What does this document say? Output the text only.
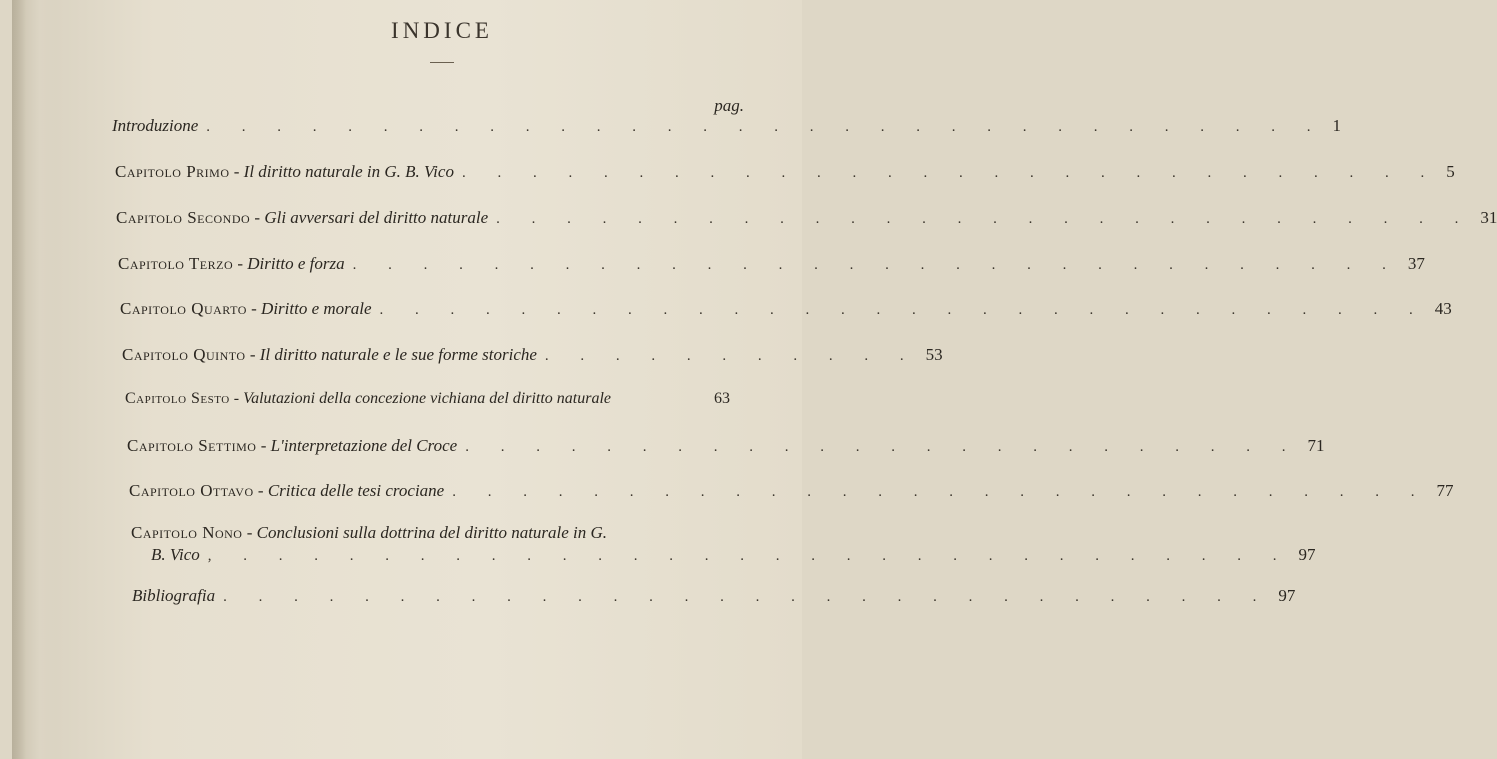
INDICE
pag.
Introduzione . . . . . . . . . . . . . . . . . . . . . . . . . . . . . . . . 1
Capitolo Primo - Il diritto naturale in G. B. Vico . . . . . . . . . . . . . . . . . . . . . . . . . . . . 5
Capitolo Secondo - Gli avversari del diritto naturale . . . . . . . . . . . . . . . . . . . . . . . . . . . . 31
Capitolo Terzo - Diritto e forza . . . . . . . . . . . . . . . . . . . . . . . . . . . . . . 37
Capitolo Quarto - Diritto e morale . . . . . . . . . . . . . . . . . . . . . . . . . . . . . . 43
Capitolo Quinto - Il diritto naturale e le sue forme storiche . . . . . . . . . . . 53
Capitolo Sesto - Valutazioni della concezione vichiana del diritto naturale	63
Capitolo Settimo - L'interpretazione del Croce . . . . . . . . . . . . . . . . . . . . . . . . 71
Capitolo Ottavo - Critica delle tesi crociane . . . . . . . . . . . . . . . . . . . . . . . . . . . . 77
Capitolo Nono - Conclusioni sulla dottrina del diritto naturale in G.
B. Vico , . . . . . . . . . . . . . . . . . . . . . . . . . . . . . . 97
Bibliografia . . . . . . . . . . . . . . . . . . . . . . . . . . . . . . 97
